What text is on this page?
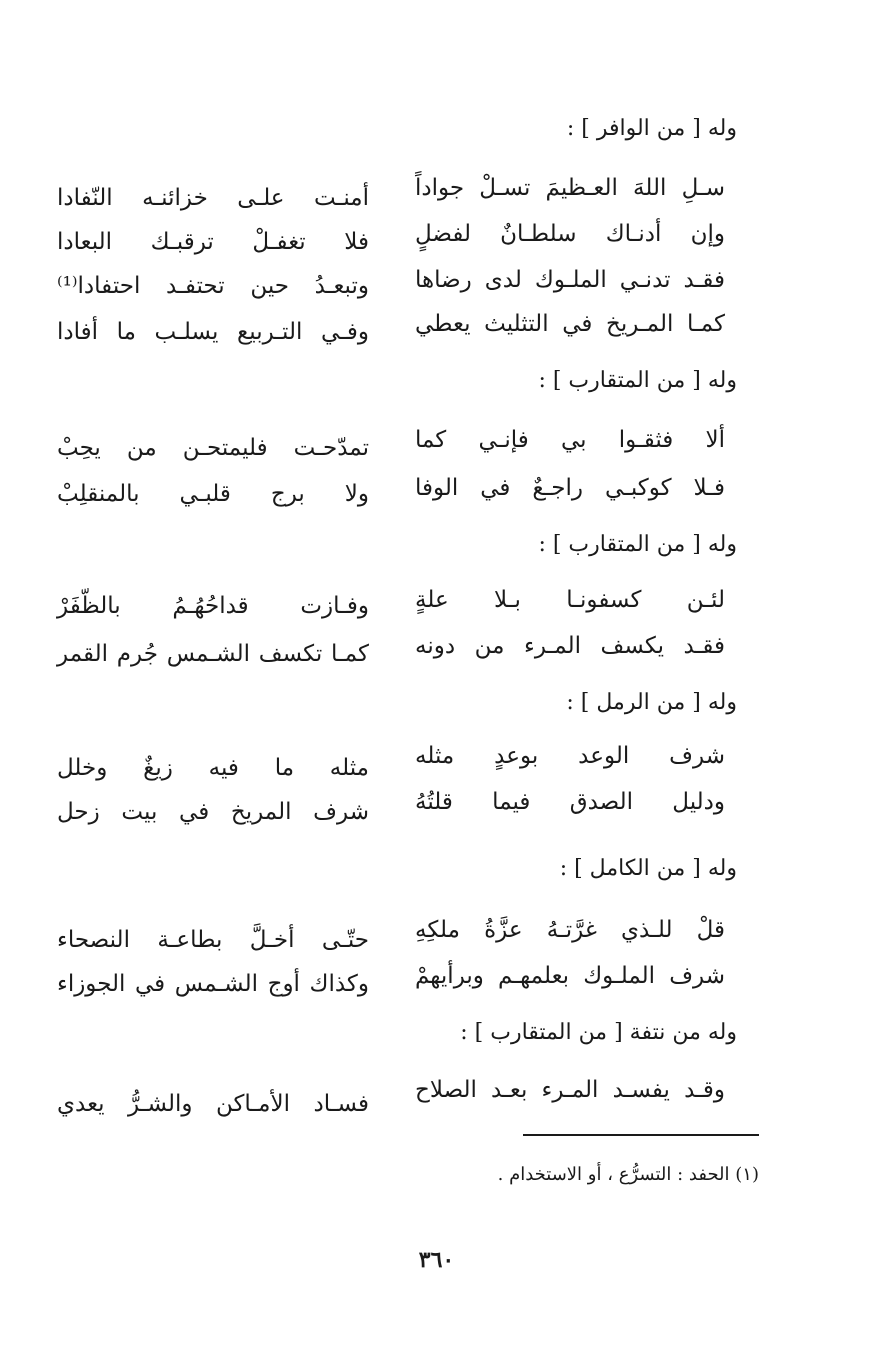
وله [ من الوافر ] :
سـلِ اللهَ العـظيمَ تسـلْ جواداً
أمنـت علـى خزائنـه النّفادا
وإن أدنـاك سلطـانٌ لفضلٍ
فلا تغفـلْ ترقبـك البعادا
فقـد تدنـي الملـوك لدى رضاها
وتبعـدُ حين تحتفـد احتفادا⁽¹⁾
كمـا المـريخ في التثليث يعطي
وفـي التـربيع يسلـب ما أفادا
وله [ من المتقارب ] :
ألا فثقـوا بي فإنـي كما
تمدّحـت فليمتحـن من يحِبْ
فـلا كوكبـي راجـعٌ في الوفا
ولا برج قلبـي بالمنقلِبْ
وله [ من المتقارب ] :
لئـن كسفونـا بـلا علةٍ
وفـازت قداحُهُـمُ بالظّفَرْ
فقـد يكسف المـرء من دونه
كمـا تكسف الشـمس جُرم القمر
وله [ من الرمل ] :
شرف الوعد بوعدٍ مثله
مثله ما فيه زيغٌ وخلل
ودليل الصدق فيما قلتُهُ
شرف المريخ في بيت زحل
وله [ من الكامل ] :
قلْ للـذي غرَّتـهُ عزَّةُ ملكِهِ
حتّـى أخـلَّ بطاعـة النصحاء
شرف الملـوك بعلمهـم وبرأيهمْ
وكذاك أوج الشـمس في الجوزاء
وله من نتفة [ من المتقارب ] :
وقـد يفسـد المـرء بعـد الصلاح
فسـاد الأمـاكن والشـرُّ يعدي
(١) الحفد : التسرُّع ، أو الاستخدام .
٣٦٠
